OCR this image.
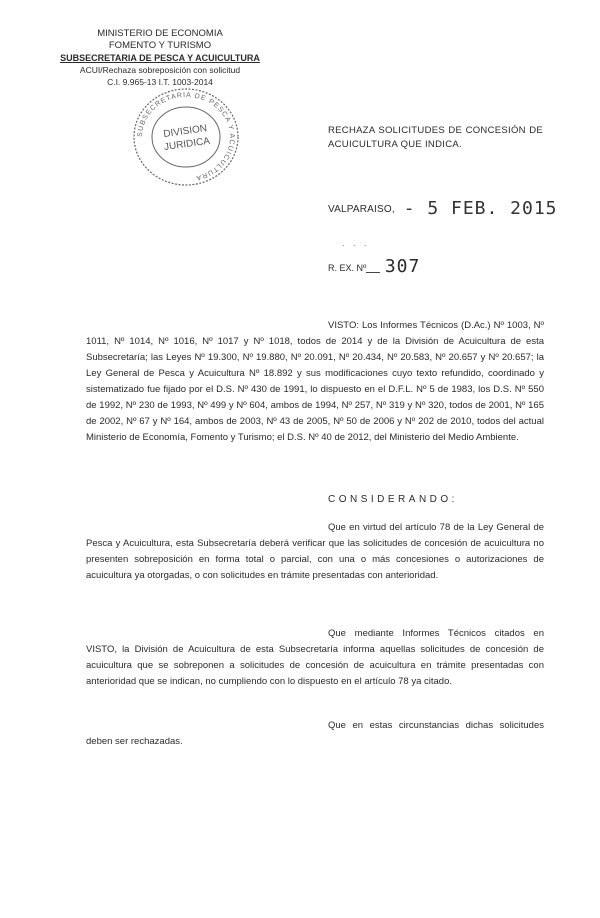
MINISTERIO DE ECONOMIA
FOMENTO Y TURISMO
SUBSECRETARIA DE PESCA Y ACUICULTURA
ACUI/Rechaza sobreposición con solicitud
C.I. 9.965-13 I.T. 1003-2014
SUBSECRETARIA DE PESCA Y ACUICULTURA
DIVISION
JURIDICA
RECHAZA SOLICITUDES DE CONCESIÓN DE ACUICULTURA QUE INDICA.
VALPARAISO, - 5 FEB. 2015
. . .
R. EX. Nº 307
VISTO: Los Informes Técnicos (D.Ac.) Nº 1003, Nº 1011, Nº 1014, Nº 1016, Nº 1017 y Nº 1018, todos de 2014 y de la División de Acuicultura de esta Subsecretaría; las Leyes Nº 19.300, Nº 19.880, Nº 20.091, Nº 20.434, Nº 20.583, Nº 20.657 y Nº 20.657; la Ley General de Pesca y Acuicultura Nº 18.892 y sus modificaciones cuyo texto refundido, coordinado y sistematizado fue fijado por el D.S. Nº 430 de 1991, lo dispuesto en el D.F.L. Nº 5 de 1983, los D.S. Nº 550 de 1992, Nº 230 de 1993, Nº 499 y Nº 604, ambos de 1994, Nº 257, Nº 319 y Nº 320, todos de 2001, Nº 165 de 2002, Nº 67 y Nº 164, ambos de 2003, Nº 43 de 2005, Nº 50 de 2006 y Nº 202 de 2010, todos del actual Ministerio de Economía, Fomento y Turismo; el D.S. Nº 40 de 2012, del Ministerio del Medio Ambiente.
CONSIDERANDO:
Que en virtud del artículo 78 de la Ley General de Pesca y Acuicultura, esta Subsecretaría deberá verificar que las solicitudes de concesión de acuicultura no presenten sobreposición en forma total o parcial, con una o más concesiones o autorizaciones de acuicultura ya otorgadas, o con solicitudes en trámite presentadas con anterioridad.
Que mediante Informes Técnicos citados en VISTO, la División de Acuicultura de esta Subsecretaría informa aquellas solicitudes de concesión de acuicultura que se sobreponen a solicitudes de concesión de acuicultura en trámite presentadas con anterioridad que se indican, no cumpliendo con lo dispuesto en el artículo 78 ya citado.
Que en estas circunstancias dichas solicitudes deben ser rechazadas.
